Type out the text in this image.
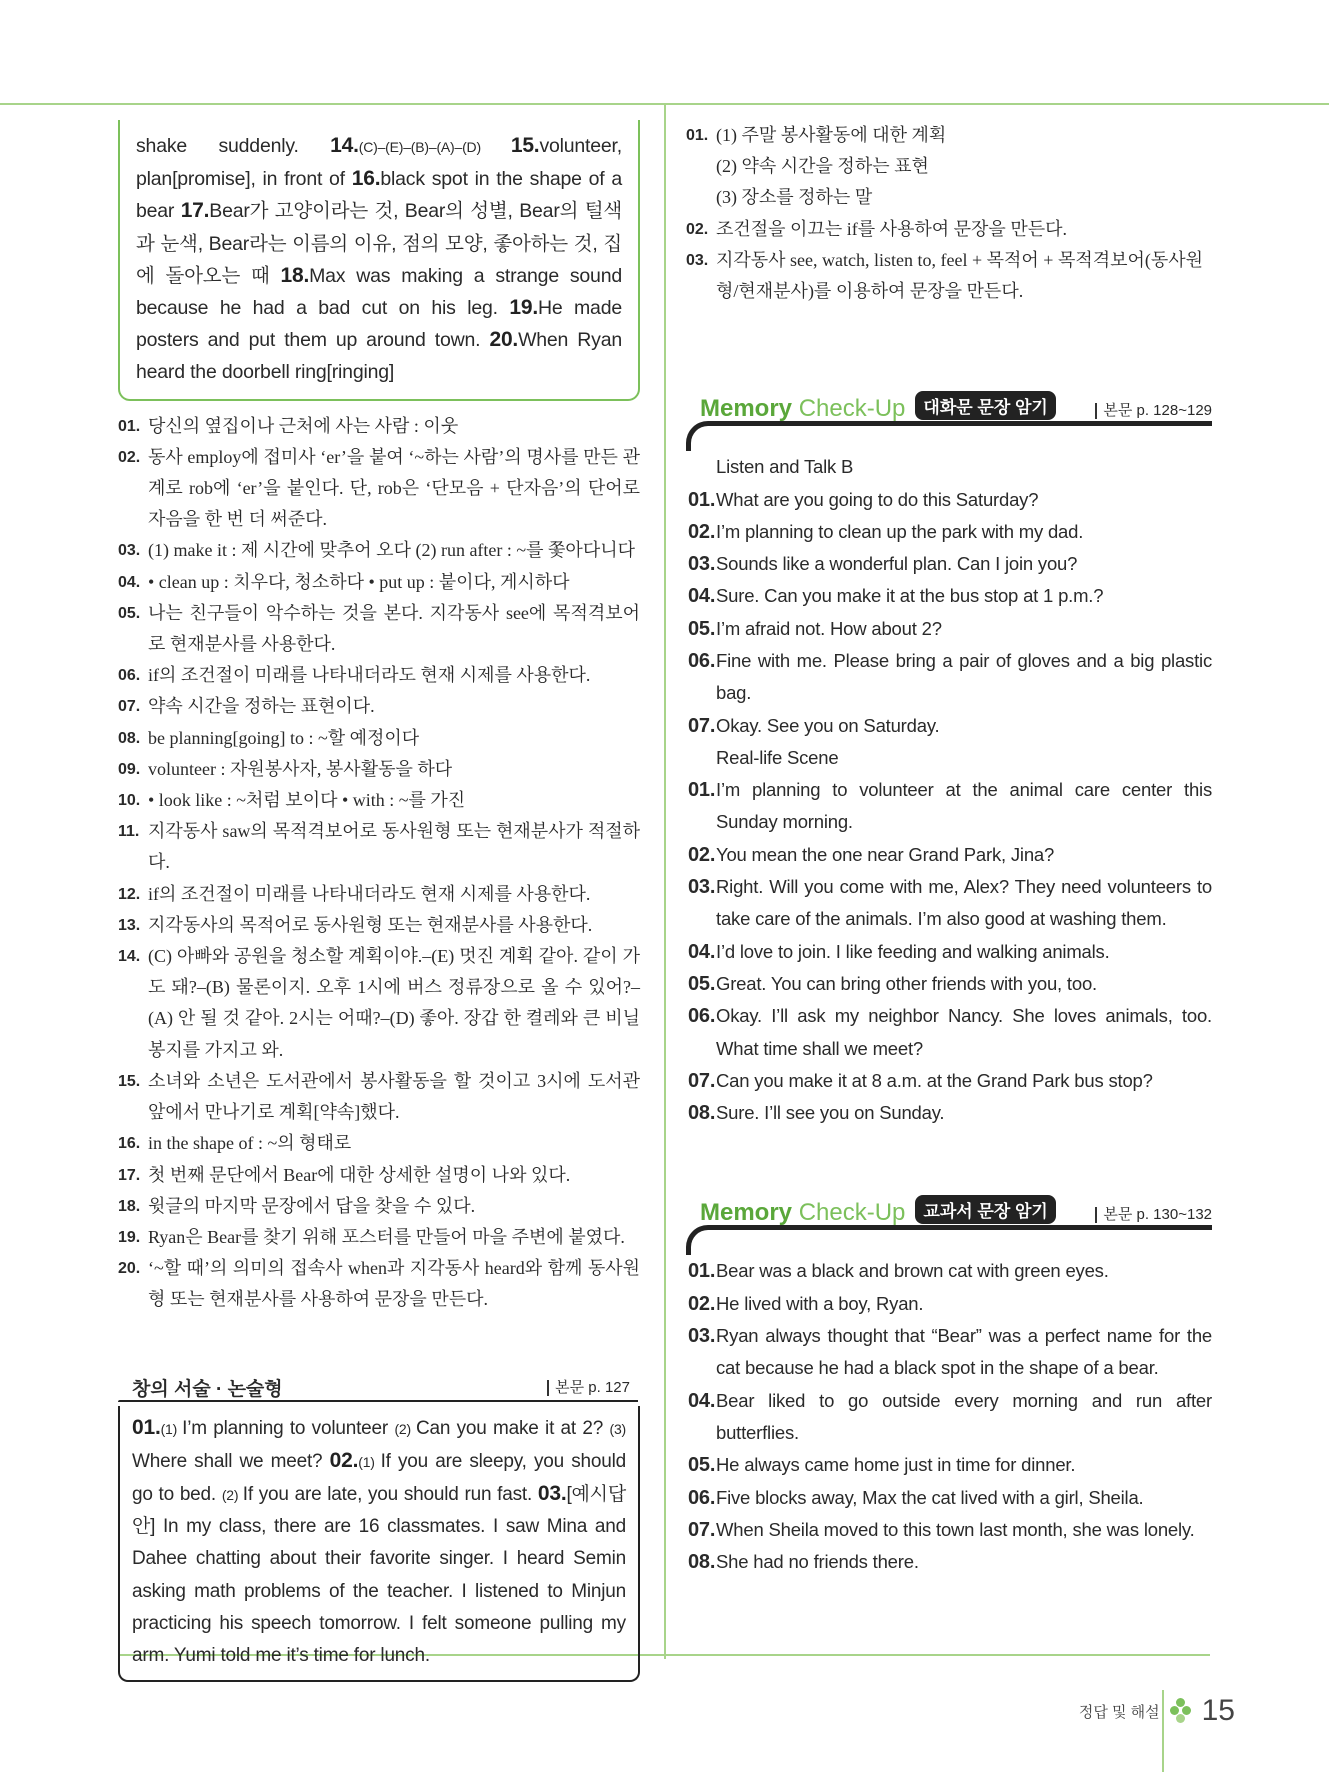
shake suddenly. 14.(C)–(E)–(B)–(A)–(D) 15.volunteer, plan[promise], in front of 16.black spot in the shape of a bear 17.Bear가 고양이라는 것, Bear의 성별, Bear의 털색과 눈색, Bear라는 이름의 이유, 점의 모양, 좋아하는 것, 집에 돌아오는 때 18.Max was making a strange sound because he had a bad cut on his leg. 19.He made posters and put them up around town. 20.When Ryan heard the doorbell ring[ringing]
01. 당신의 옆집이나 근처에 사는 사람 : 이웃
02. 동사 employ에 접미사 ‘er’을 붙여 ‘~하는 사람’의 명사를 만든 관계로 rob에 ‘er’을 붙인다. 단, rob은 ‘단모음 + 단자음’의 단어로 자음을 한 번 더 써준다.
03. (1) make it : 제 시간에 맞추어 오다 (2) run after : ~를 쫓아다니다
04. • clean up : 치우다, 청소하다 • put up : 붙이다, 게시하다
05. 나는 친구들이 악수하는 것을 본다. 지각동사 see에 목적격보어로 현재분사를 사용한다.
06. if의 조건절이 미래를 나타내더라도 현재 시제를 사용한다.
07. 약속 시간을 정하는 표현이다.
08. be planning[going] to : ~할 예정이다
09. volunteer : 자원봉사자, 봉사활동을 하다
10. • look like : ~처럼 보이다 • with : ~를 가진
11. 지각동사 saw의 목적격보어로 동사원형 또는 현재분사가 적절하다.
12. if의 조건절이 미래를 나타내더라도 현재 시제를 사용한다.
13. 지각동사의 목적어로 동사원형 또는 현재분사를 사용한다.
14. (C) 아빠와 공원을 청소할 계획이야.–(E) 멋진 계획 같아. 같이 가도 돼?–(B) 물론이지. 오후 1시에 버스 정류장으로 올 수 있어?–(A) 안 될 것 같아. 2시는 어때?–(D) 좋아. 장갑 한 켤레와 큰 비닐봉지를 가지고 와.
15. 소녀와 소년은 도서관에서 봉사활동을 할 것이고 3시에 도서관 앞에서 만나기로 계획[약속]했다.
16. in the shape of : ~의 형태로
17. 첫 번째 문단에서 Bear에 대한 상세한 설명이 나와 있다.
18. 윗글의 마지막 문장에서 답을 찾을 수 있다.
19. Ryan은 Bear를 찾기 위해 포스터를 만들어 마을 주변에 붙였다.
20. ‘~할 때’의 의미의 접속사 when과 지각동사 heard와 함께 동사원형 또는 현재분사를 사용하여 문장을 만든다.
창의 서술 · 논술형	본문 p. 127
01.(1) I’m planning to volunteer (2) Can you make it at 2? (3) Where shall we meet? 02.(1) If you are sleepy, you should go to bed. (2) If you are late, you should run fast. 03.[예시답안] In my class, there are 16 classmates. I saw Mina and Dahee chatting about their favorite singer. I heard Semin asking math problems of the teacher. I listened to Minjun practicing his speech tomorrow. I felt someone pulling my arm. Yumi told me it’s time for lunch.
01. (1) 주말 봉사활동에 대한 계획
(2) 약속 시간을 정하는 표현
(3) 장소를 정하는 말
02. 조건절을 이끄는 if를 사용하여 문장을 만든다.
03. 지각동사 see, watch, listen to, feel + 목적어 + 목적격보어(동사원형/현재분사)를 이용하여 문장을 만든다.
Memory Check-Up 대화문 문장 암기	본문 p. 128~129
Listen and Talk B
01. What are you going to do this Saturday?
02. I’m planning to clean up the park with my dad.
03. Sounds like a wonderful plan. Can I join you?
04. Sure. Can you make it at the bus stop at 1 p.m.?
05. I’m afraid not. How about 2?
06. Fine with me. Please bring a pair of gloves and a big plastic bag.
07. Okay. See you on Saturday.
Real-life Scene
01. I’m planning to volunteer at the animal care center this Sunday morning.
02. You mean the one near Grand Park, Jina?
03. Right. Will you come with me, Alex? They need volunteers to take care of the animals. I’m also good at washing them.
04. I’d love to join. I like feeding and walking animals.
05. Great. You can bring other friends with you, too.
06. Okay. I’ll ask my neighbor Nancy. She loves animals, too. What time shall we meet?
07. Can you make it at 8 a.m. at the Grand Park bus stop?
08. Sure. I’ll see you on Sunday.
Memory Check-Up 교과서 문장 암기	본문 p. 130~132
01. Bear was a black and brown cat with green eyes.
02. He lived with a boy, Ryan.
03. Ryan always thought that “Bear” was a perfect name for the cat because he had a black spot in the shape of a bear.
04. Bear liked to go outside every morning and run after butterflies.
05. He always came home just in time for dinner.
06. Five blocks away, Max the cat lived with a girl, Sheila.
07. When Sheila moved to this town last month, she was lonely.
08. She had no friends there.
정답 및 해설 15
